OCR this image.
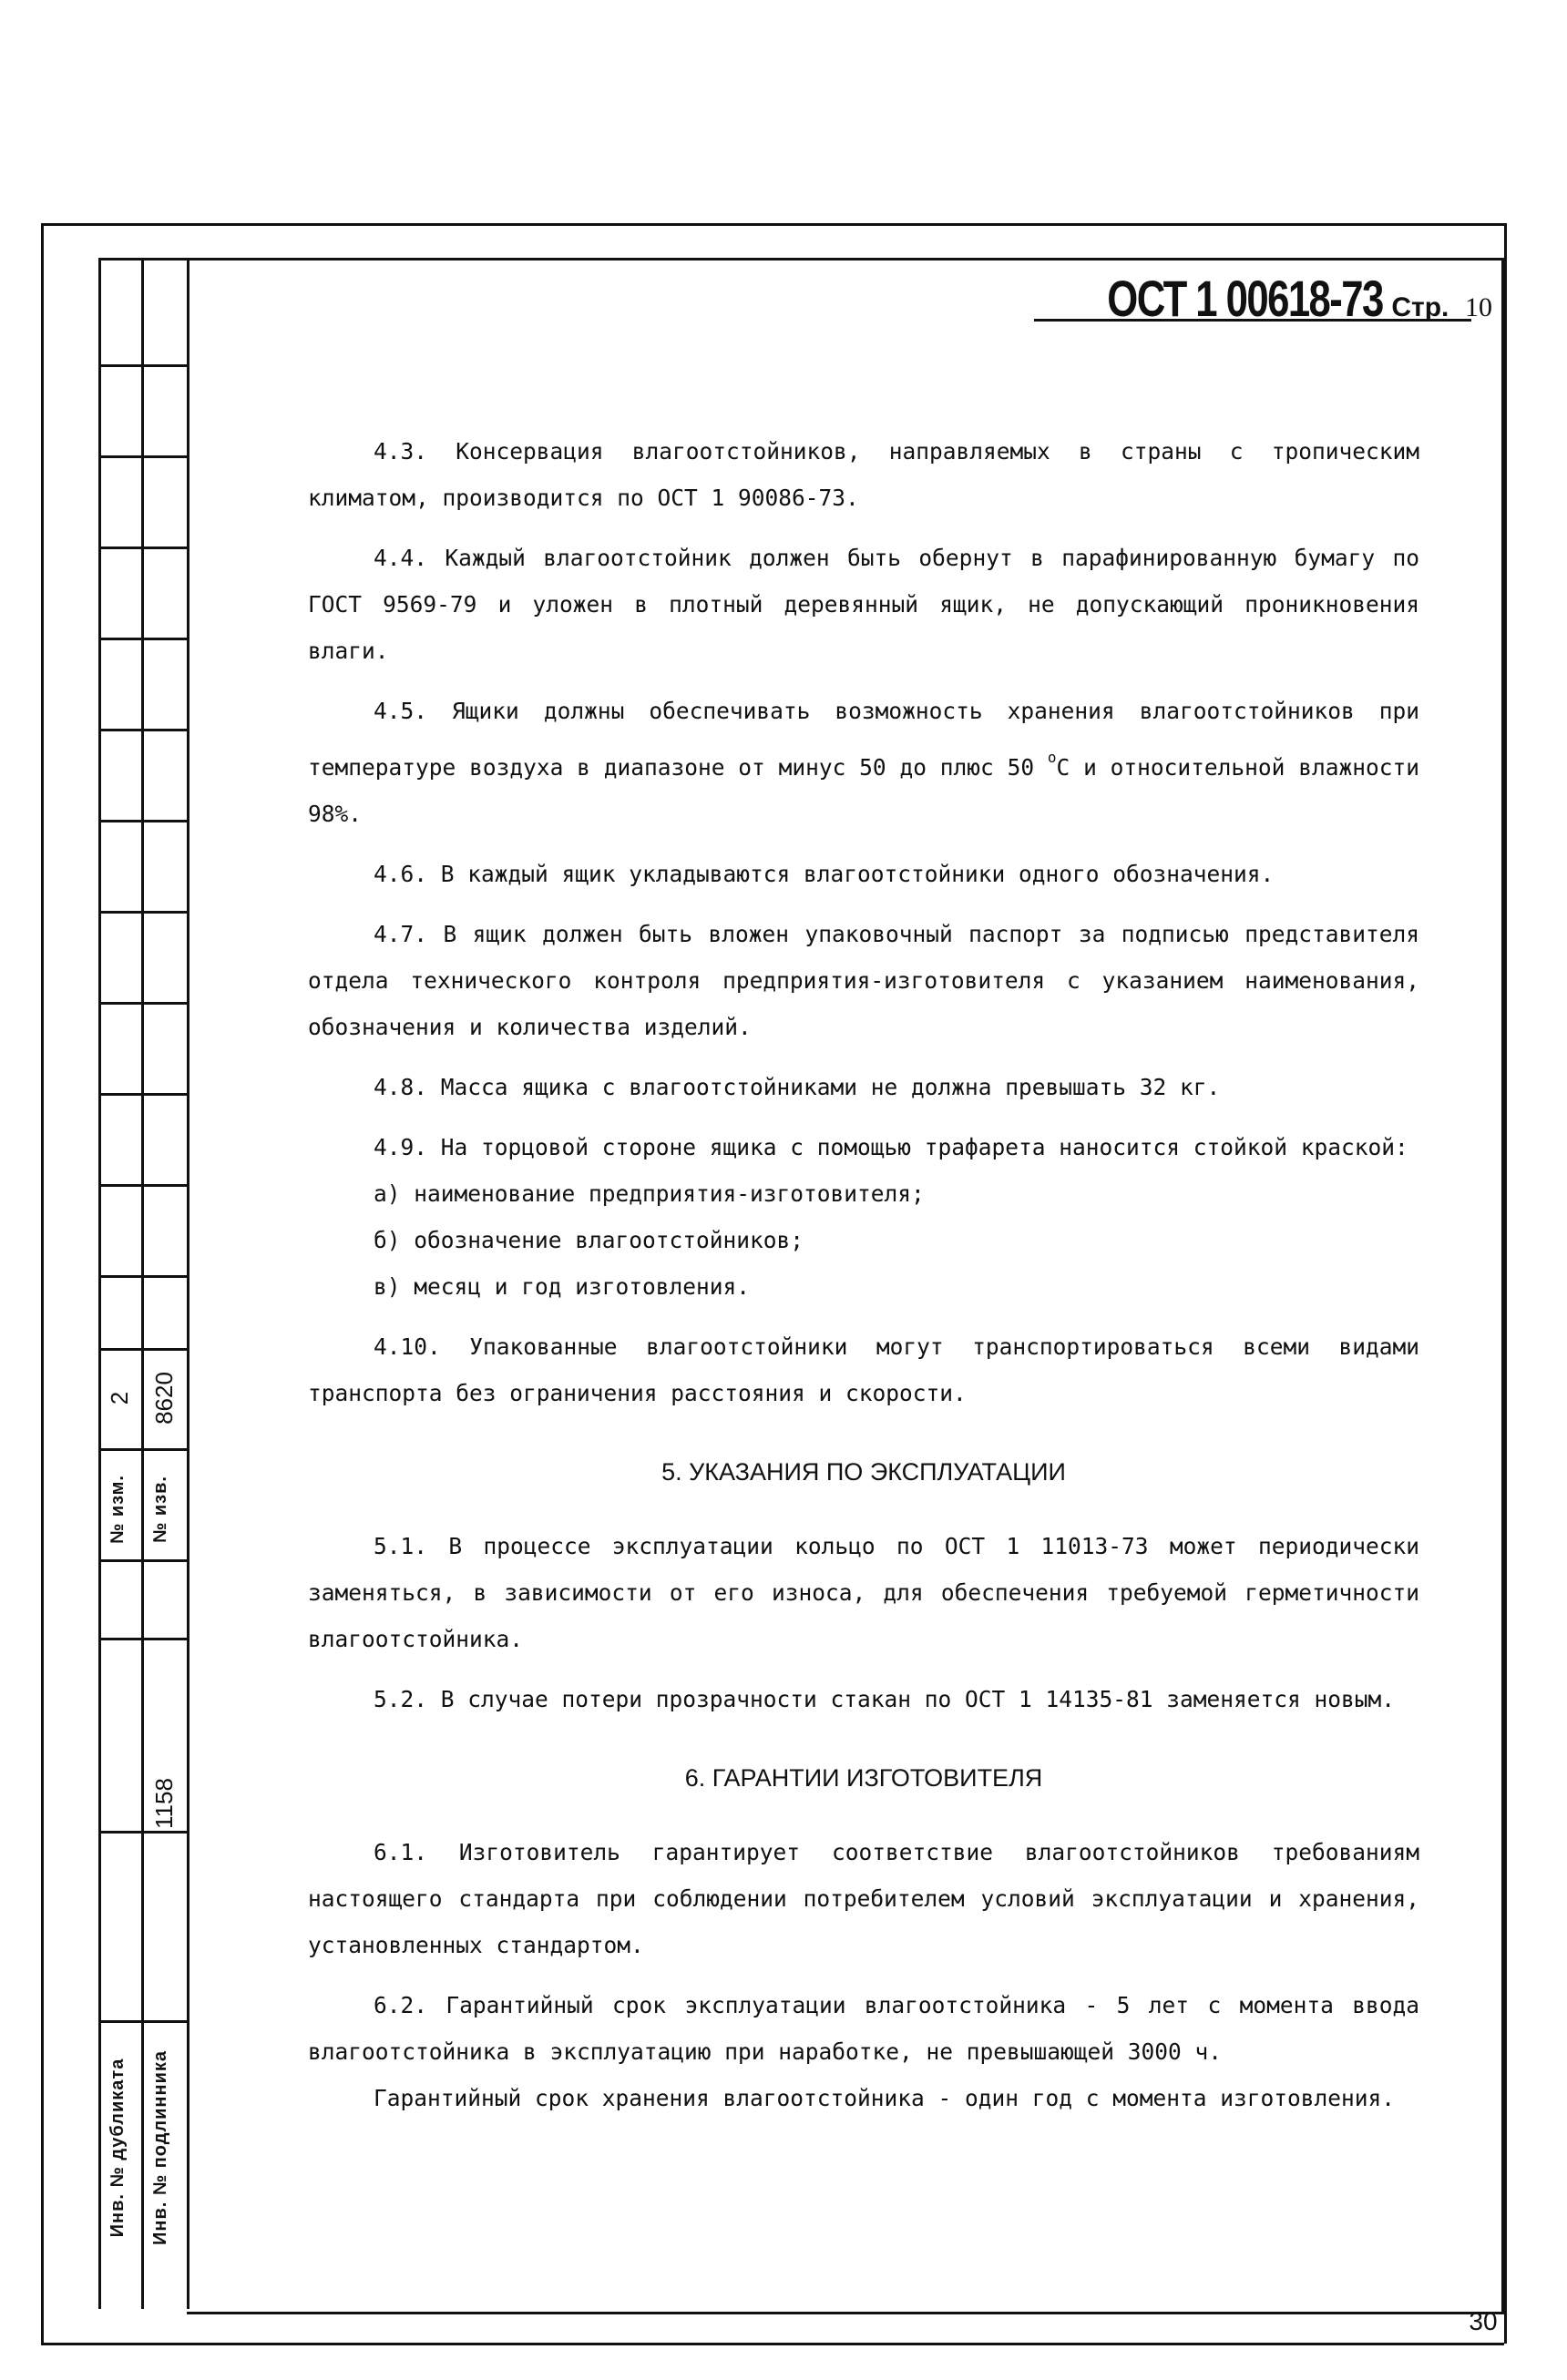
№ изм. № изв.
2 8620
Инв. № дубликата Инв. № подлинника
1158
ОСТ 1 00618-73 Стр. 10

4.3. Консервация влагоотстойников, направляемых в страны с тропическим климатом, производится по ОСТ 1 90086-73.

4.4. Каждый влагоотстойник должен быть обернут в парафинированную бумагу по ГОСТ 9569-79 и уложен в плотный деревянный ящик, не допускающий проникновения влаги.

4.5. Ящики должны обеспечивать возможность хранения влагоотстойников при температуре воздуха в диапазоне от минус 50 до плюс 50 $^о$С и относительной влажности 98%.

4.6. В каждый ящик укладываются влагоотстойники одного обозначения.

4.7. В ящик должен быть вложен упаковочный паспорт за подписью представителя отдела технического контроля предприятия-изготовителя с указанием наименования, обозначения и количества изделий.

4.8. Масса ящика с влагоотстойниками не должна превышать 32 кг.

4.9. На торцовой стороне ящика с помощью трафарета наносится стойкой краской:

а) наименование предприятия-изготовителя;

б) обозначение влагоотстойников;

в) месяц и год изготовления.

4.10. Упакованные влагоотстойники могут транспортироваться всеми видами транспорта без ограничения расстояния и скорости.

5. УКАЗАНИЯ ПО ЭКСПЛУАТАЦИИ

5.1. В процессе эксплуатации кольцо по ОСТ 1 11013-73 может периодически заменяться, в зависимости от его износа, для обеспечения требуемой герметичности влагоотстойника.

5.2. В случае потери прозрачности стакан по ОСТ 1 14135-81 заменяется новым.

6. ГАРАНТИИ ИЗГОТОВИТЕЛЯ

6.1. Изготовитель гарантирует соответствие влагоотстойников требованиям настоящего стандарта при соблюдении потребителем условий эксплуатации и хранения, установленных стандартом.

6.2. Гарантийный срок эксплуатации влагоотстойника - 5 лет с момента ввода влагоотстойника в эксплуатацию при наработке, не превышающей 3000 ч.

Гарантийный срок хранения влагоотстойника - один год с момента изготовления.

30
